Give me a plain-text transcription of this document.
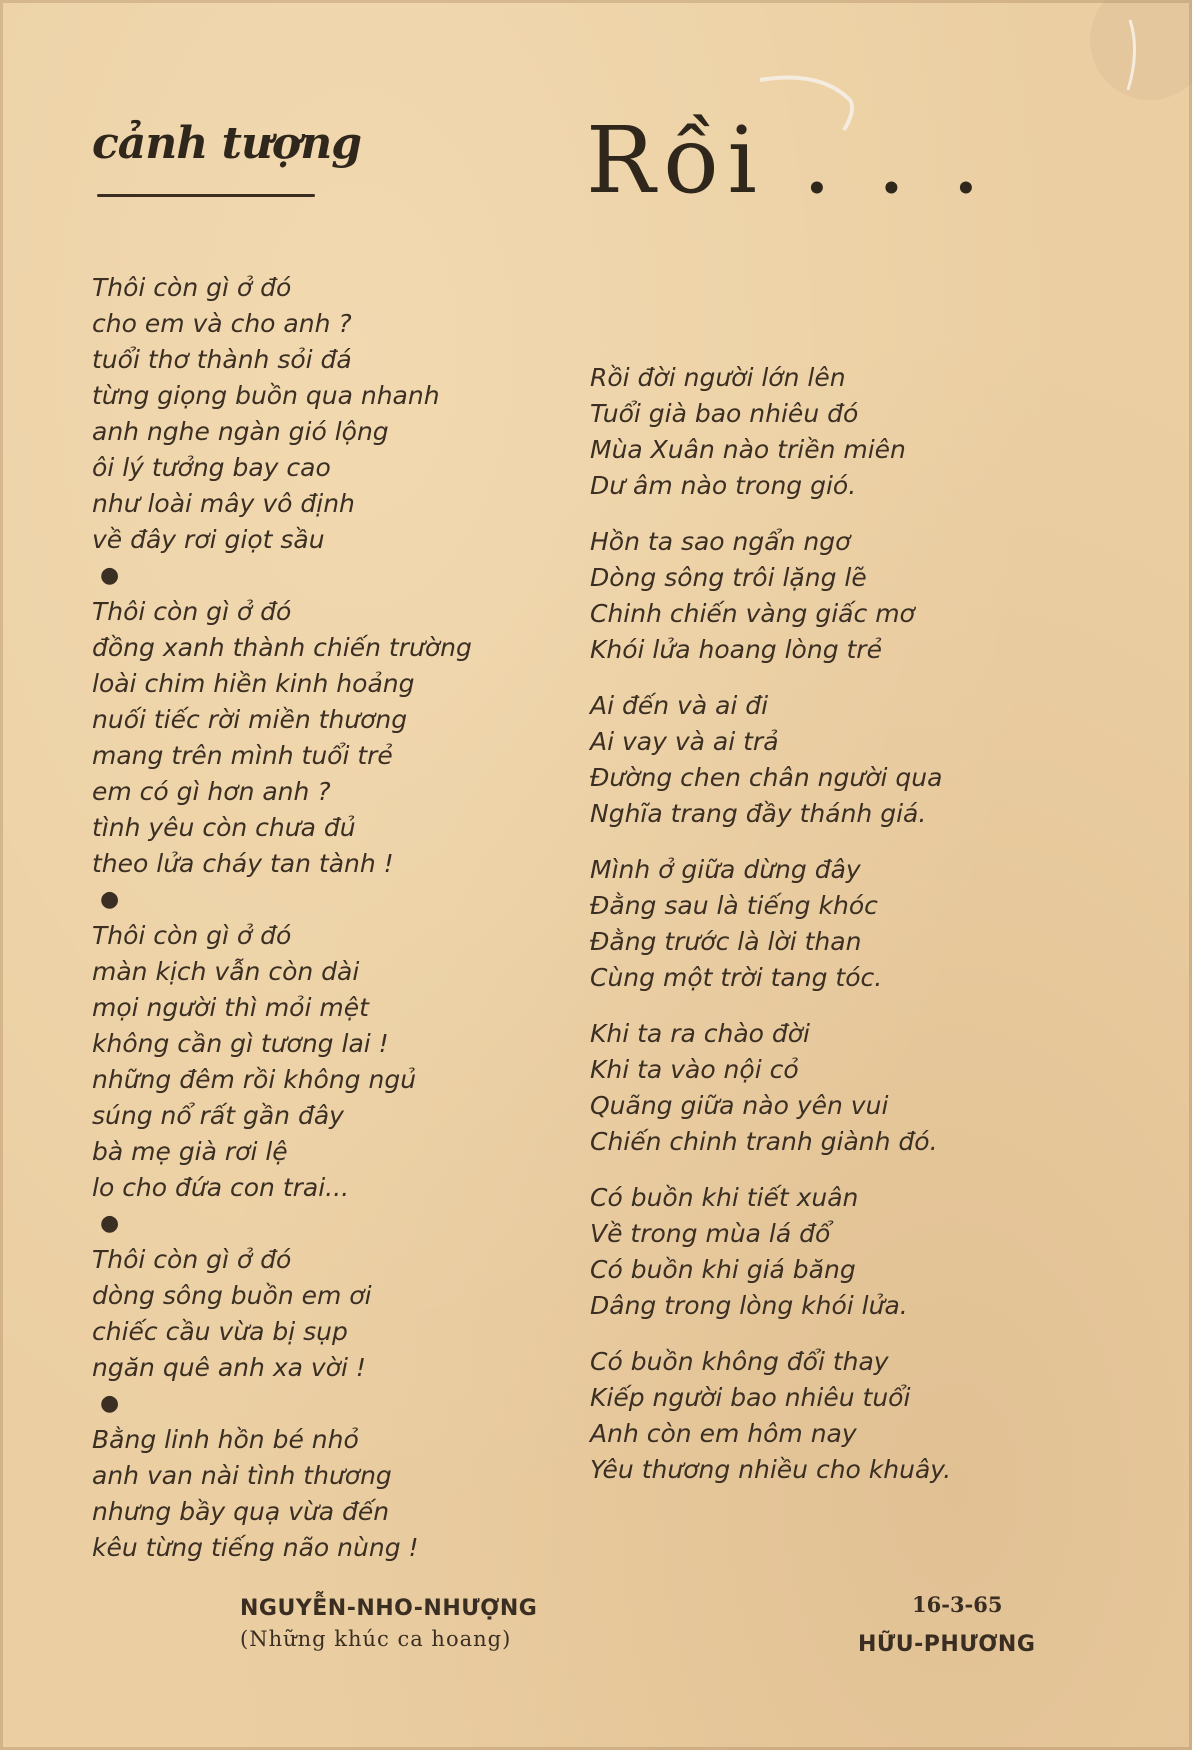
cảnh tượng Rồi . . .
Thôi còn gì ở đó
cho em và cho anh ?
tuổi thơ thành sỏi đá
từng giọng buồn qua nhanh
anh nghe ngàn gió lộng
ôi lý tưởng bay cao
như loài mây vô định
về đây rơi giọt sầu
●
Thôi còn gì ở đó
đồng xanh thành chiến trường
loài chim hiền kinh hoảng
nuối tiếc rời miền thương
mang trên mình tuổi trẻ
em có gì hơn anh ?
tình yêu còn chưa đủ
theo lửa cháy tan tành !
●
Thôi còn gì ở đó
màn kịch vẫn còn dài
mọi người thì mỏi mệt
không cần gì tương lai !
những đêm rồi không ngủ
súng nổ rất gần đây
bà mẹ già rơi lệ
lo cho đứa con trai...
●
Thôi còn gì ở đó
dòng sông buồn em ơi
chiếc cầu vừa bị sụp
ngăn quê anh xa vời !
●
Bằng linh hồn bé nhỏ
anh van nài tình thương
nhưng bầy quạ vừa đến
kêu từng tiếng não nùng !
NGUYỄN-NHO-NHƯỢNG
(Những khúc ca hoang)
Rồi đời người lớn lên
Tuổi già bao nhiêu đó
Mùa Xuân nào triền miên
Dư âm nào trong gió.
Hồn ta sao ngẩn ngơ
Dòng sông trôi lặng lẽ
Chinh chiến vàng giấc mơ
Khói lửa hoang lòng trẻ
Ai đến và ai đi
Ai vay và ai trả
Đường chen chân người qua
Nghĩa trang đầy thánh giá.
Mình ở giữa dừng đây
Đằng sau là tiếng khóc
Đằng trước là lời than
Cùng một trời tang tóc.
Khi ta ra chào đời
Khi ta vào nội cỏ
Quãng giữa nào yên vui
Chiến chinh tranh giành đó.
Có buồn khi tiết xuân
Về trong mùa lá đổ
Có buồn khi giá băng
Dâng trong lòng khói lửa.
Có buồn không đổi thay
Kiếp người bao nhiêu tuổi
Anh còn em hôm nay
Yêu thương nhiều cho khuây.
16-3-65
HỮU-PHƯƠNG
